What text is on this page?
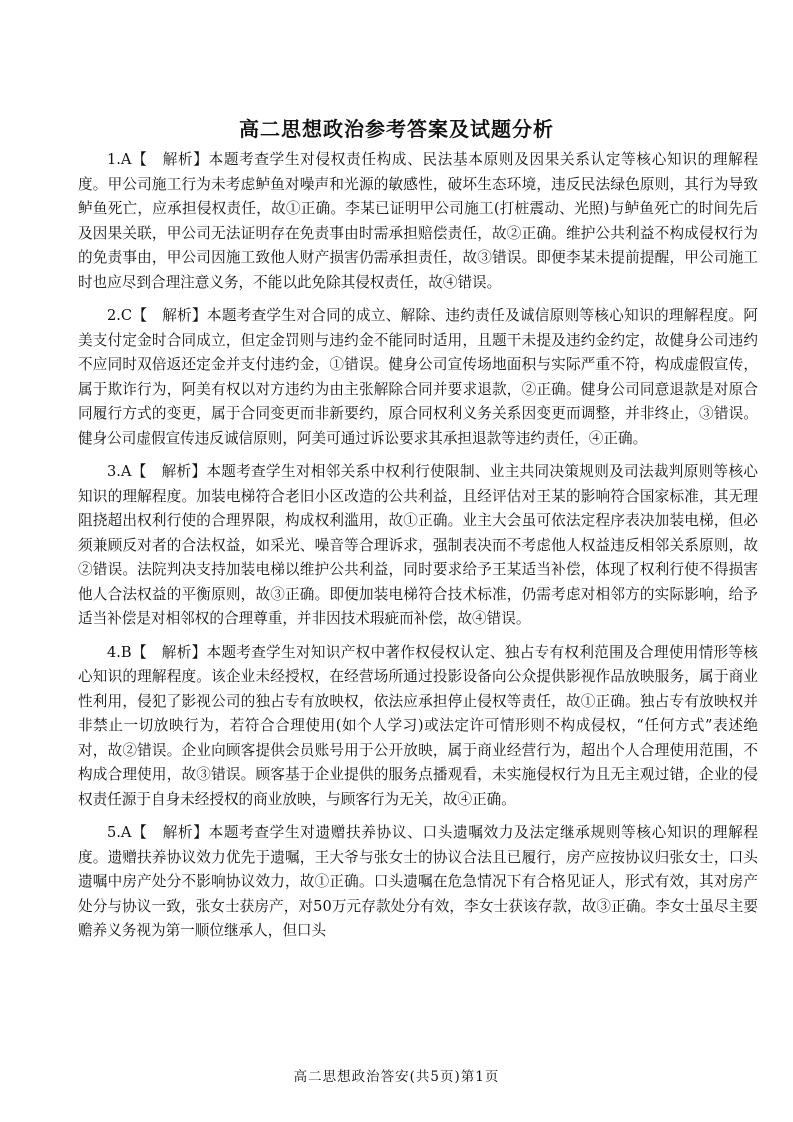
高二思想政治参考答案及试题分析

1.A【　解析】本题考查学生对侵权责任构成、民法基本原则及因果关系认定等核心知识的理解程度。甲公司施工行为未考虑鲈鱼对噪声和光源的敏感性，破坏生态环境，违反民法绿色原则，其行为导致鲈鱼死亡，应承担侵权责任，故①正确。李某已证明甲公司施工(打桩震动、光照)与鲈鱼死亡的时间先后及因果关联，甲公司无法证明存在免责事由时需承担赔偿责任，故②正确。维护公共利益不构成侵权行为的免责事由，甲公司因施工致他人财产损害仍需承担责任，故③错误。即便李某未提前提醒，甲公司施工时也应尽到合理注意义务，不能以此免除其侵权责任，故④错误。

2.C【　解析】本题考查学生对合同的成立、解除、违约责任及诚信原则等核心知识的理解程度。阿美支付定金时合同成立，但定金罚则与违约金不能同时适用，且题干未提及违约金约定，故健身公司违约不应同时双倍返还定金并支付违约金，①错误。健身公司宣传场地面积与实际严重不符，构成虚假宣传，属于欺诈行为，阿美有权以对方违约为由主张解除合同并要求退款，②正确。健身公司同意退款是对原合同履行方式的变更，属于合同变更而非新要约，原合同权利义务关系因变更而调整，并非终止，③错误。健身公司虚假宣传违反诚信原则，阿美可通过诉讼要求其承担退款等违约责任，④正确。

3.A【　解析】本题考查学生对相邻关系中权利行使限制、业主共同决策规则及司法裁判原则等核心知识的理解程度。加装电梯符合老旧小区改造的公共利益，且经评估对王某的影响符合国家标准，其无理阻挠超出权利行使的合理界限，构成权利滥用，故①正确。业主大会虽可依法定程序表决加装电梯，但必须兼顾反对者的合法权益，如采光、噪音等合理诉求，强制表决而不考虑他人权益违反相邻关系原则，故②错误。法院判决支持加装电梯以维护公共利益，同时要求给予王某适当补偿，体现了权利行使不得损害他人合法权益的平衡原则，故③正确。即便加装电梯符合技术标准，仍需考虑对相邻方的实际影响，给予适当补偿是对相邻权的合理尊重，并非因技术瑕疵而补偿，故④错误。

4.B【　解析】本题考查学生对知识产权中著作权侵权认定、独占专有权利范围及合理使用情形等核心知识的理解程度。该企业未经授权，在经营场所通过投影设备向公众提供影视作品放映服务，属于商业性利用，侵犯了影视公司的独占专有放映权，依法应承担停止侵权等责任，故①正确。独占专有放映权并非禁止一切放映行为，若符合合理使用(如个人学习)或法定许可情形则不构成侵权，“任何方式”表述绝对，故②错误。企业向顾客提供会员账号用于公开放映，属于商业经营行为，超出个人合理使用范围，不构成合理使用，故③错误。顾客基于企业提供的服务点播观看，未实施侵权行为且无主观过错，企业的侵权责任源于自身未经授权的商业放映，与顾客行为无关，故④正确。

5.A【　解析】本题考查学生对遗赠扶养协议、口头遗嘱效力及法定继承规则等核心知识的理解程度。遗赠扶养协议效力优先于遗嘱，王大爷与张女士的协议合法且已履行，房产应按协议归张女士，口头遗嘱中房产处分不影响协议效力，故①正确。口头遗嘱在危急情况下有合格见证人，形式有效，其对房产处分与协议一致，张女士获房产，对50万元存款处分有效，李女士获该存款，故③正确。李女士虽尽主要赡养义务视为第一顺位继承人，但口头

高二思想政治答安(共5页)第1页
